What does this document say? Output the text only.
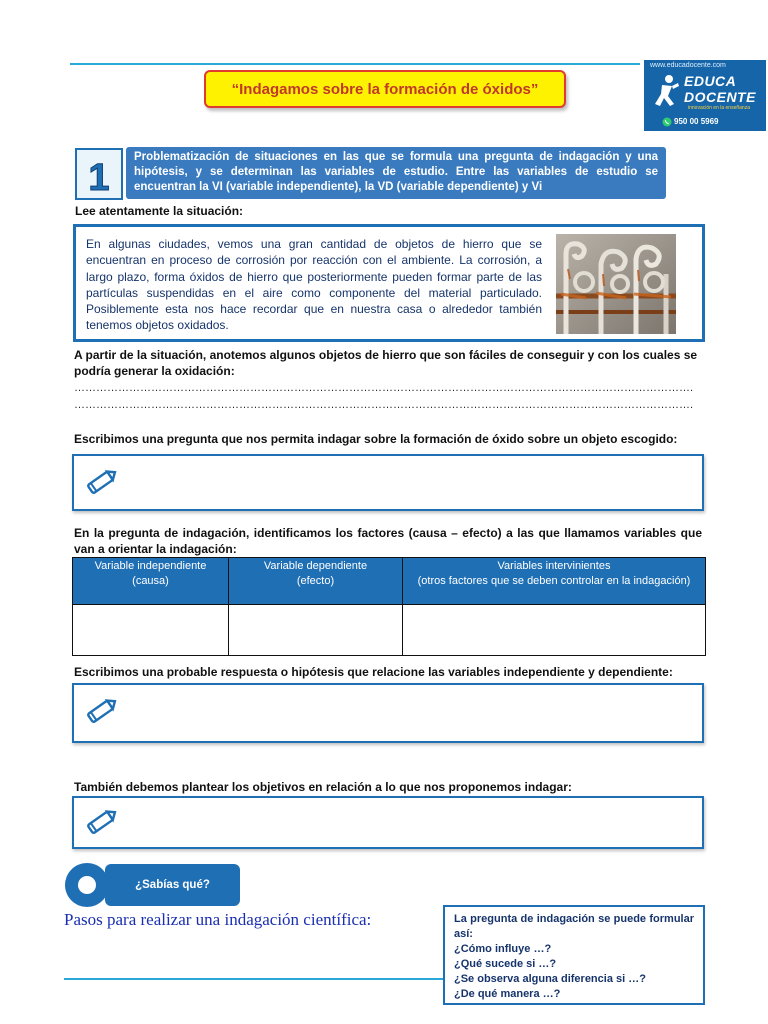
“Indagamos sobre la formación de óxidos”
www.educadocente.com
EDUCA
DOCENTE
innovación en la enseñanza
950 00 5969
1	Problematización de situaciones en las que se formula una pregunta de indagación y una hipótesis, y se determinan las variables de estudio. Entre las variables de estudio se encuentran la VI (variable independiente), la VD (variable dependiente) y Vi
Lee atentamente la situación:
En algunas ciudades, vemos una gran cantidad de objetos de hierro que se encuentran en proceso de corrosión por reacción con el ambiente. La corrosión, a largo plazo, forma óxidos de hierro que posteriormente pueden formar parte de las partículas suspendidas en el aire como componente del material particulado. Posiblemente esta nos hace recordar que en nuestra casa o alrededor también tenemos objetos oxidados.
A partir de la situación, anotemos algunos objetos de hierro que son fáciles de conseguir y con los cuales se podría generar la oxidación:
…………………………………………………………………………………………………………………………………………………….
…………………………………………………………………………………………………………………………………………………….
Escribimos una pregunta que nos permita indagar sobre la formación de óxido sobre un objeto escogido:
En la pregunta de indagación, identificamos los factores (causa – efecto) a las que llamamos variables que van a orientar la indagación:
Variable independiente
(causa)	Variable dependiente
(efecto)	Variables intervinientes
(otros factores que se deben controlar en la indagación)

Escribimos una probable respuesta o hipótesis que relacione las variables independiente y dependiente:
También debemos plantear los objetivos en relación a lo que nos proponemos indagar:
¿Sabías qué?
Pasos para realizar una indagación científica:	La pregunta de indagación se puede formular así:
¿Cómo influye …?
¿Qué sucede si …?
¿Se observa alguna diferencia si …?
¿De qué manera …?
